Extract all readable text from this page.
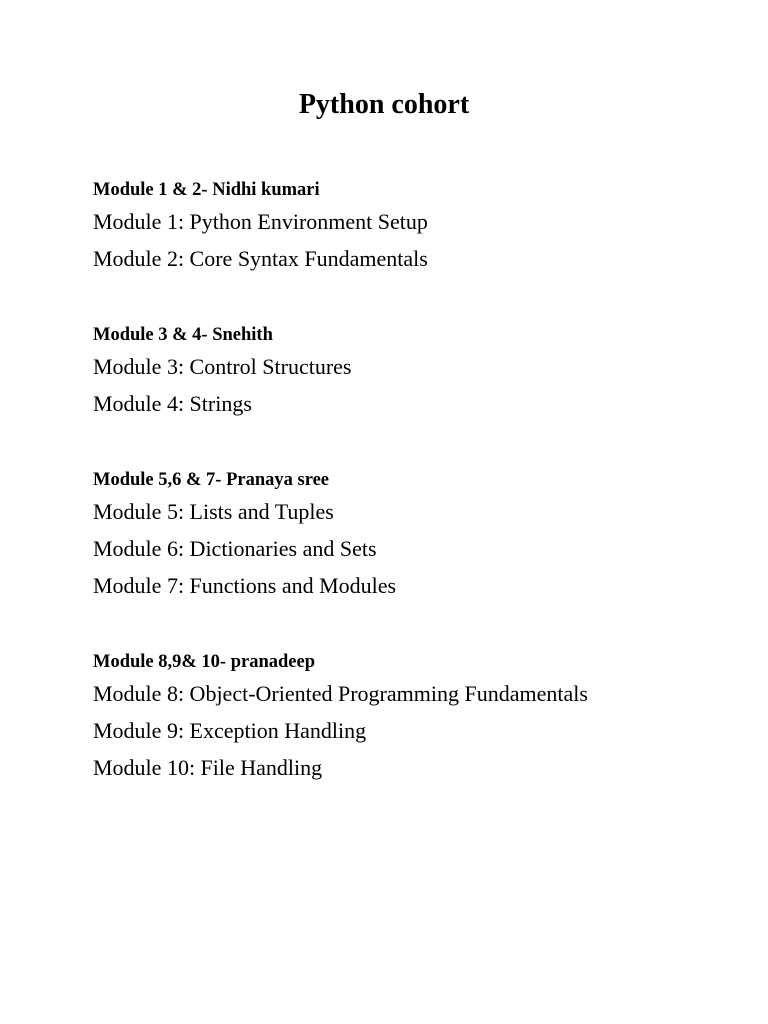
Python cohort
Module 1 & 2- Nidhi kumari
Module 1: Python Environment Setup
Module 2: Core Syntax Fundamentals
Module 3 & 4- Snehith
Module 3: Control Structures
Module 4: Strings
Module 5,6 & 7- Pranaya sree
Module 5: Lists and Tuples
Module 6: Dictionaries and Sets
Module 7: Functions and Modules
Module 8,9& 10- pranadeep
Module 8: Object-Oriented Programming Fundamentals
Module 9: Exception Handling
Module 10: File Handling
